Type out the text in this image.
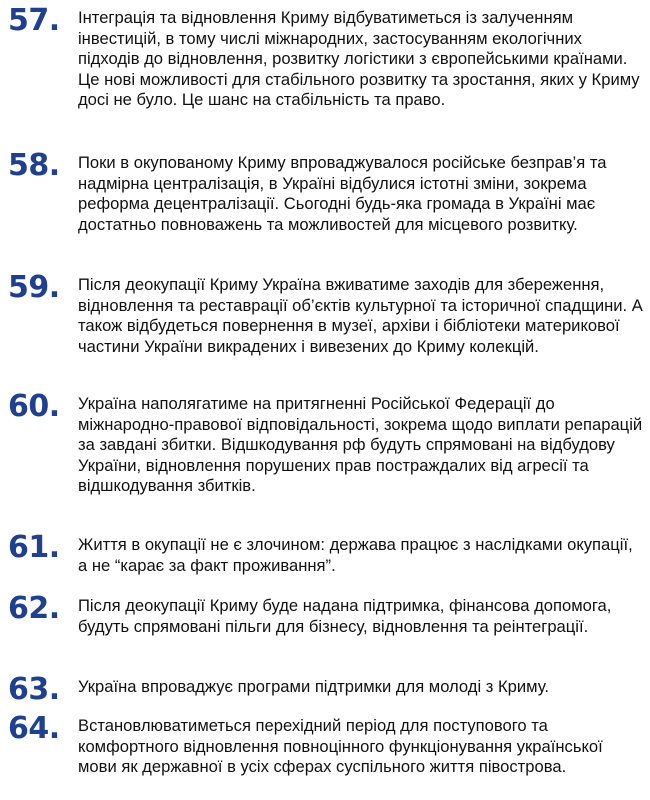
57. Інтеграція та відновлення Криму відбуватиметься із залученням інвестицій, в тому числі міжнародних, застосуванням екологічних підходів до відновлення, розвитку логістики з європейськими країнами. Це нові можливості для стабільного розвитку та зростання, яких у Криму досі не було. Це шанс на стабільність та право.

58. Поки в окупованому Криму впроваджувалося російське безправ’я та надмірна централізація, в Україні відбулися істотні зміни, зокрема реформа децентралізації. Сьогодні будь-яка громада в Україні має достатньо повноважень та можливостей для місцевого розвитку.

59. Після деокупації Криму Україна вживатиме заходів для збереження, відновлення та реставрації об’єктів культурної та історичної спадщини. А також відбудеться повернення в музеї, архіви і бібліотеки материкової частини України викрадених і вивезених до Криму колекцій.

60. Україна наполягатиме на притягненні Російської Федерації до міжнародно-правової відповідальності, зокрема щодо виплати репарацій за завдані збитки. Відшкодування рф будуть спрямовані на відбудову України, відновлення порушених прав постраждалих від агресії та відшкодування збитків.

61. Життя в окупації не є злочином: держава працює з наслідками окупації, а не “карає за факт проживання”.

62. Після деокупації Криму буде надана підтримка, фінансова допомога, будуть спрямовані пільги для бізнесу, відновлення та реінтеграції.

63. Україна впроваджує програми підтримки для молоді з Криму.

64. Встановлюватиметься перехідний період для поступового та комфортного відновлення повноцінного функціонування української мови як державної в усіх сферах суспільного життя півострова.
